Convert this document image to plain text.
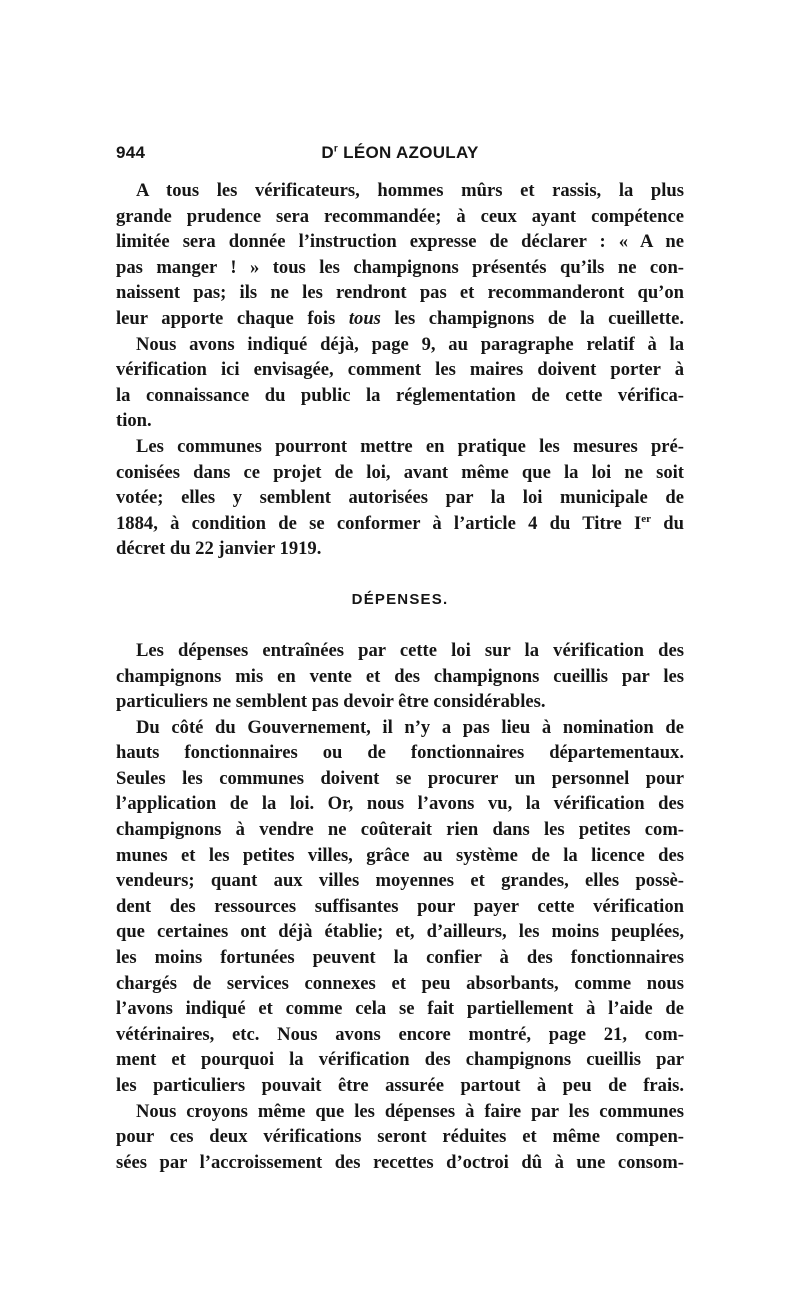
944	$D^r$ LÉON AZOULAY
A tous les vérificateurs, hommes mûrs et rassis, la plus
grande prudence sera recommandée; à ceux ayant compétence
limitée sera donnée l’instruction expresse de déclarer : « A ne
pas manger ! » tous les champignons présentés qu’ils ne con-
naissent pas; ils ne les rendront pas et recommanderont qu’on
leur apporte chaque fois tous les champignons de la cueillette.
Nous avons indiqué déjà, page 9, au paragraphe relatif à la
vérification ici envisagée, comment les maires doivent porter à
la connaissance du public la réglementation de cette vérifica-
tion.
Les communes pourront mettre en pratique les mesures pré-
conisées dans ce projet de loi, avant même que la loi ne soit
votée; elles y semblent autorisées par la loi municipale de
1884, à condition de se conformer à l’article 4 du Titre Ier du
décret du 22 janvier 1919.
DÉPENSES.
Les dépenses entraînées par cette loi sur la vérification des
champignons mis en vente et des champignons cueillis par les
particuliers ne semblent pas devoir être considérables.
Du côté du Gouvernement, il n’y a pas lieu à nomination de
hauts fonctionnaires ou de fonctionnaires départementaux.
Seules les communes doivent se procurer un personnel pour
l’application de la loi. Or, nous l’avons vu, la vérification des
champignons à vendre ne coûterait rien dans les petites com-
munes et les petites villes, grâce au système de la licence des
vendeurs; quant aux villes moyennes et grandes, elles possè-
dent des ressources suffisantes pour payer cette vérification
que certaines ont déjà établie; et, d’ailleurs, les moins peuplées,
les moins fortunées peuvent la confier à des fonctionnaires
chargés de services connexes et peu absorbants, comme nous
l’avons indiqué et comme cela se fait partiellement à l’aide de
vétérinaires, etc. Nous avons encore montré, page 21, com-
ment et pourquoi la vérification des champignons cueillis par
les particuliers pouvait être assurée partout à peu de frais.
Nous croyons même que les dépenses à faire par les communes
pour ces deux vérifications seront réduites et même compen-
sées par l’accroissement des recettes d’octroi dû à une consom-
